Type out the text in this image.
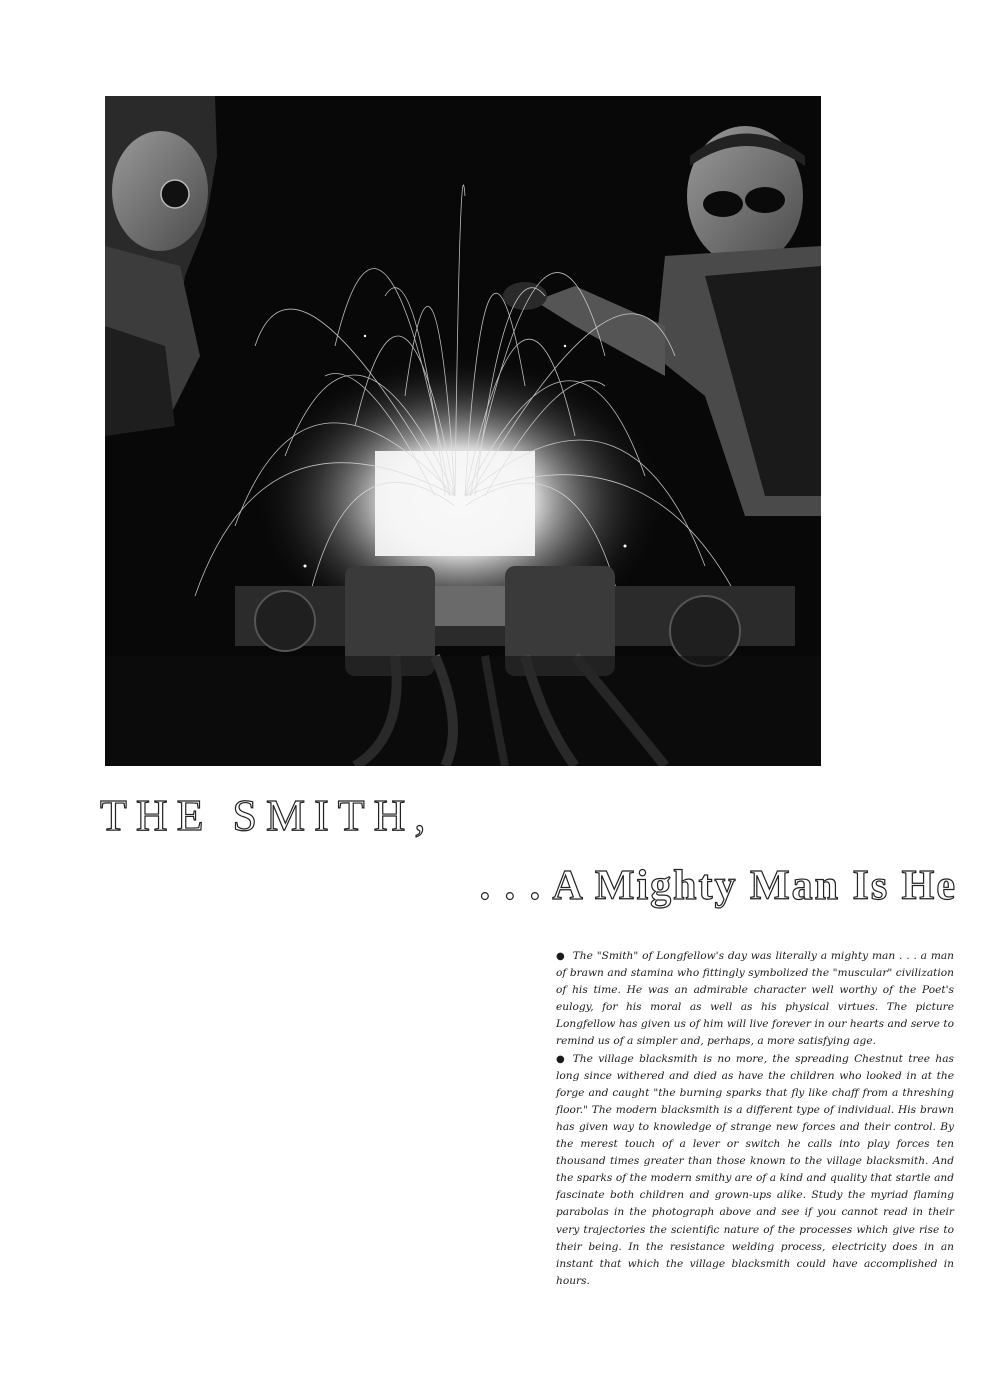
THE SMITH,
. . . A Mighty Man Is He

● The "Smith" of Longfellow's day was literally a mighty man . . . a man of brawn and stamina who fittingly symbolized the "muscular" civilization of his time. He was an admirable character well worthy of the Poet's eulogy, for his moral as well as his physical virtues. The picture Longfellow has given us of him will live forever in our hearts and serve to remind us of a simpler and, perhaps, a more satisfying age.

● The village blacksmith is no more, the spreading Chestnut tree has long since withered and died as have the children who looked in at the forge and caught "the burning sparks that fly like chaff from a threshing floor." The modern blacksmith is a different type of individual. His brawn has given way to knowledge of strange new forces and their control. By the merest touch of a lever or switch he calls into play forces ten thousand times greater than those known to the village blacksmith. And the sparks of the modern smithy are of a kind and quality that startle and fascinate both children and grown-ups alike. Study the myriad flaming parabolas in the photograph above and see if you cannot read in their very trajectories the scientific nature of the processes which give rise to their being. In the resistance welding process, electricity does in an instant that which the village blacksmith could have accomplished in hours.
